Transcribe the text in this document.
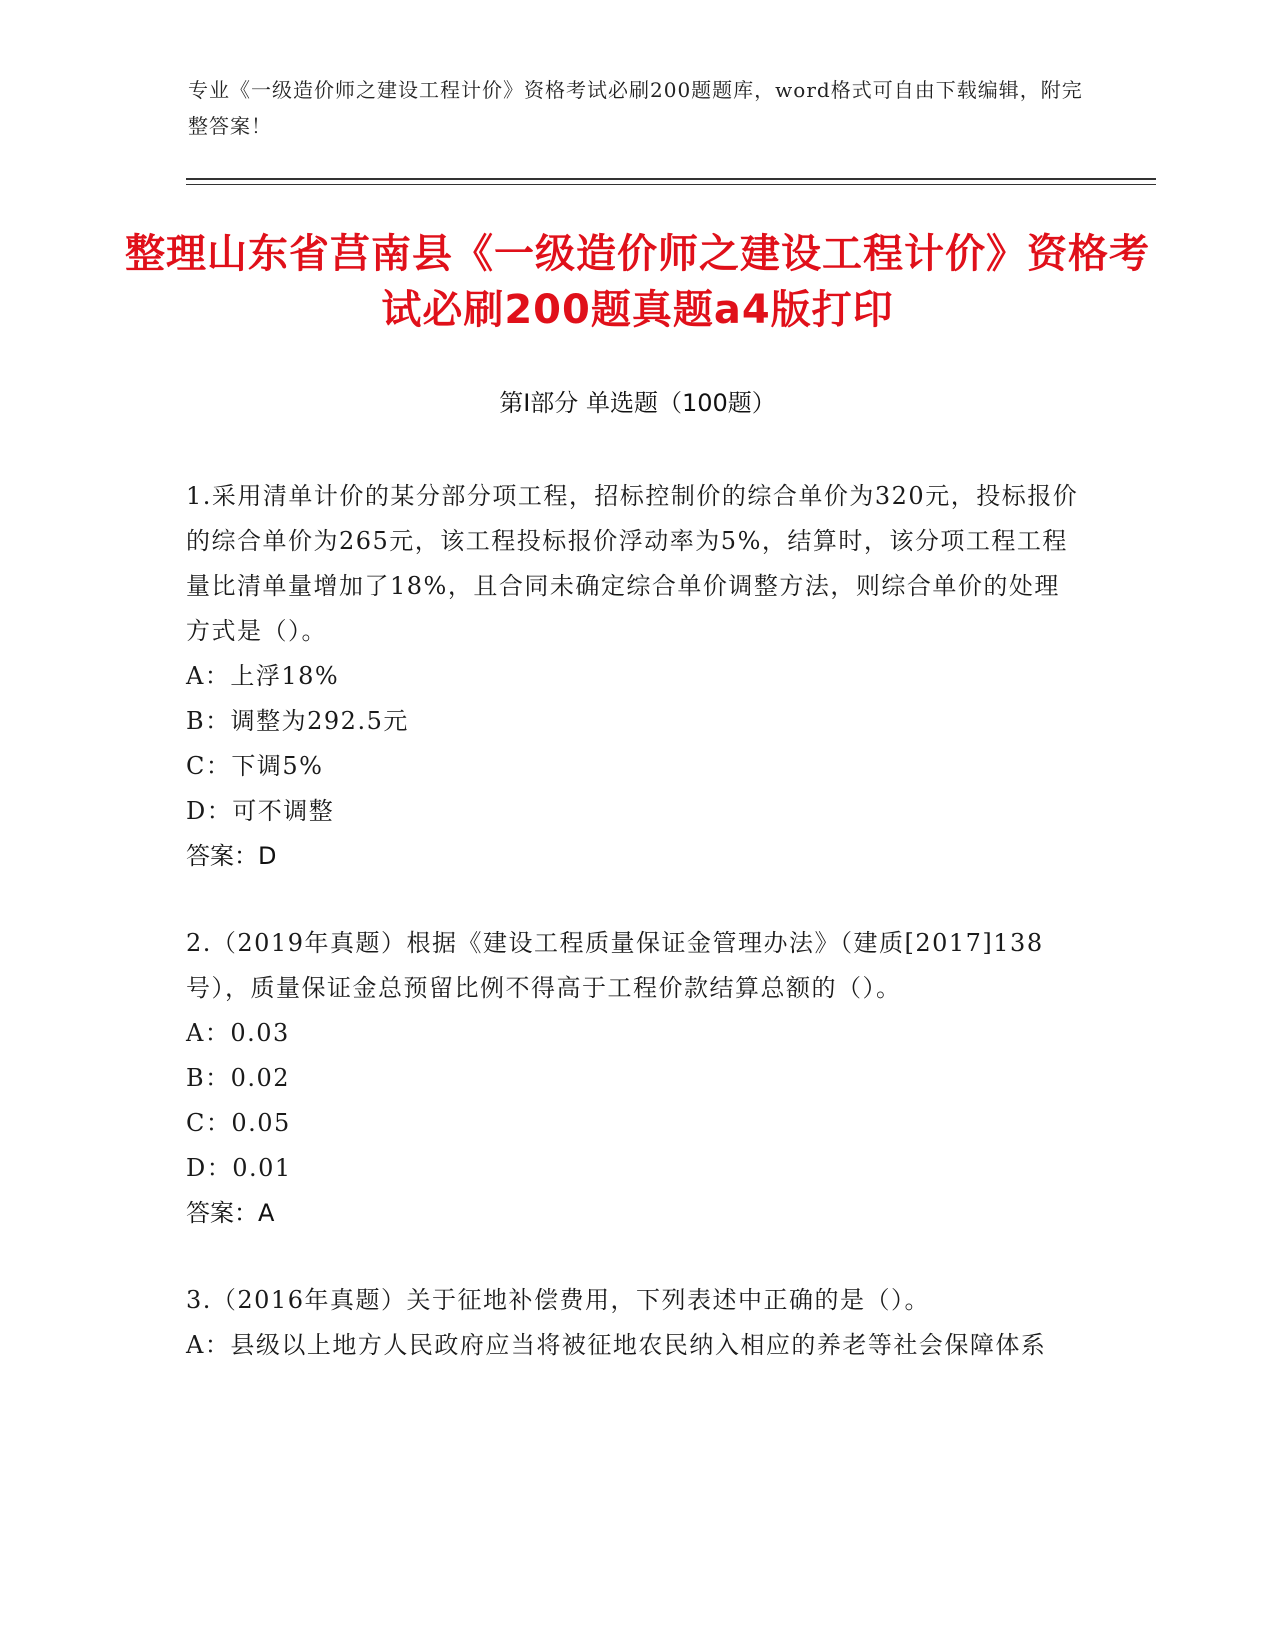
专业《一级造价师之建设工程计价》资格考试必刷200题题库，word格式可自由下载编辑，附完整答案！
整理山东省莒南县《一级造价师之建设工程计价》资格考试必刷200题真题a4版打印
第Ⅰ部分 单选题（100题）

1.采用清单计价的某分部分项工程，招标控制价的综合单价为320元，投标报价的综合单价为265元，该工程投标报价浮动率为5%，结算时，该分项工程工程量比清单量增加了18%，且合同未确定综合单价调整方法，则综合单价的处理方式是（）。

A：上浮18%

B：调整为292.5元

C：下调5%

D：可不调整

答案：D

2.（2019年真题）根据《建设工程质量保证金管理办法》（建质[2017]138号），质量保证金总预留比例不得高于工程价款结算总额的（）。

A：0.03

B：0.02

C：0.05

D：0.01

答案：A

3.（2016年真题）关于征地补偿费用，下列表述中正确的是（）。

A：县级以上地方人民政府应当将被征地农民纳入相应的养老等社会保障体系
